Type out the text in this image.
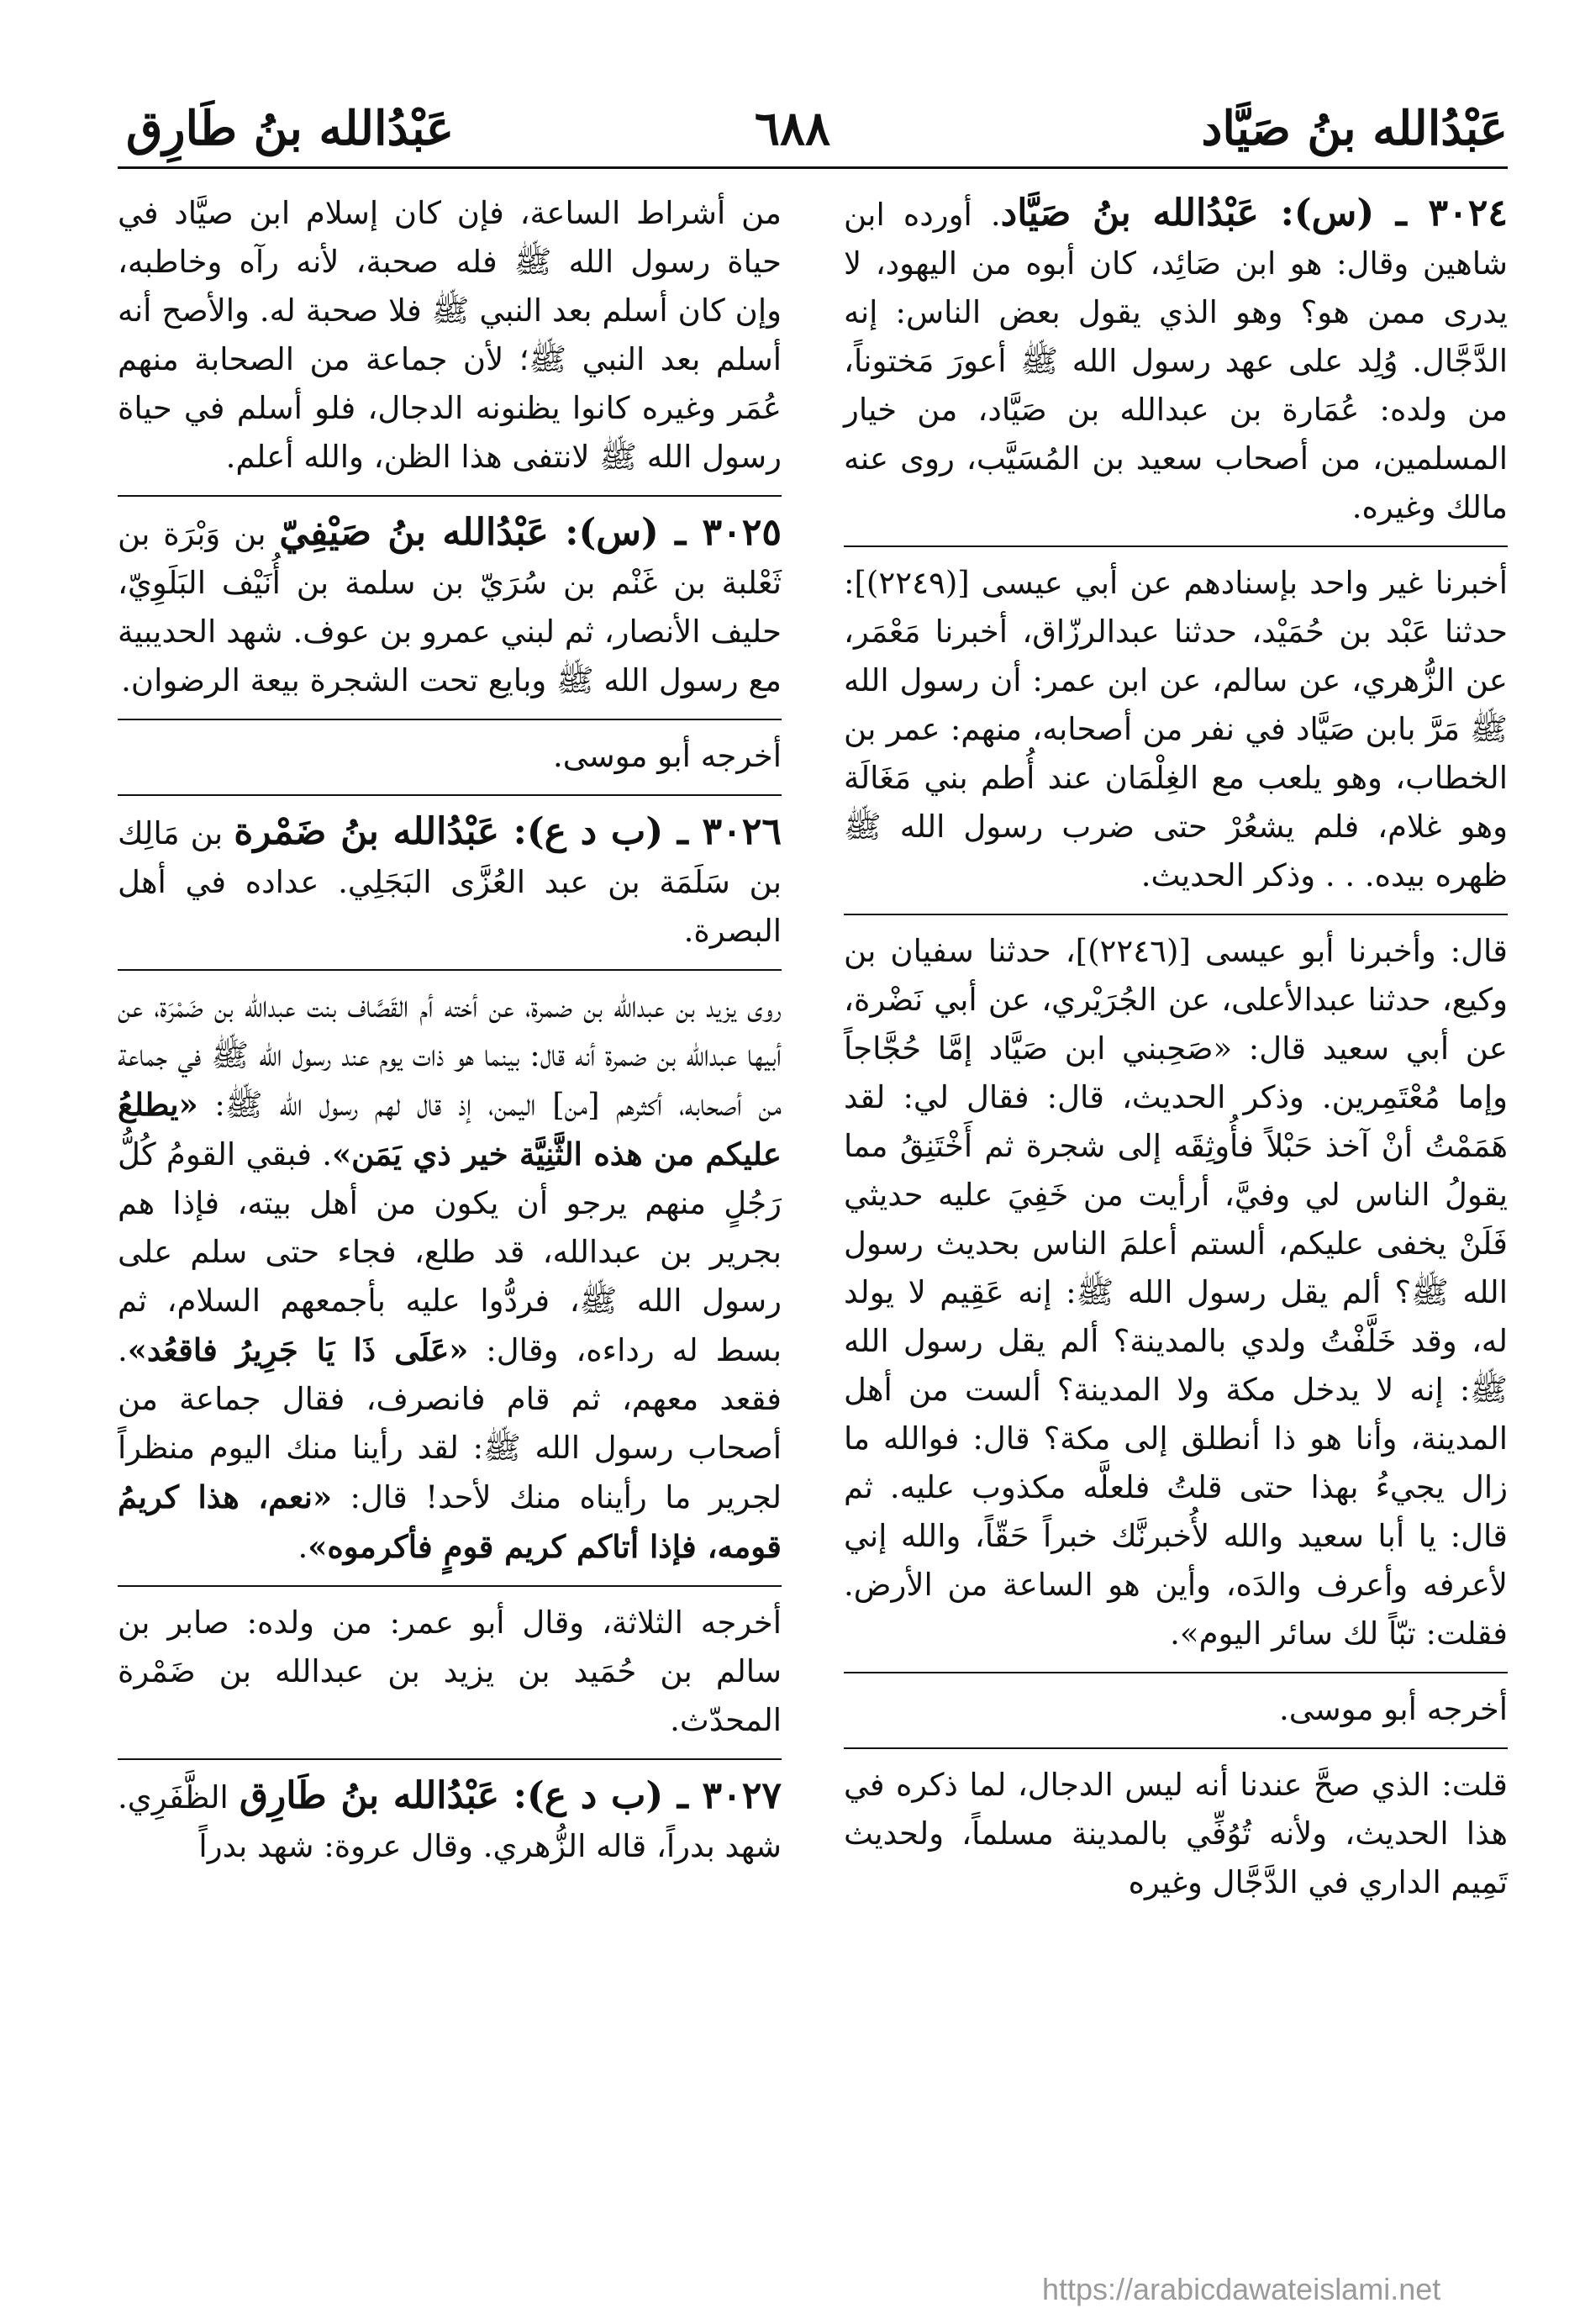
عَبْدُالله بنُ صَيَّاد
٦٨٨
عَبْدُالله بنُ طَارِق

٣٠٢٤ ـ (س): عَبْدُالله بنُ صَيَّاد. أورده ابن شاهين وقال: هو ابن صَائِد، كان أبوه من اليهود، لا يدرى ممن هو؟ وهو الذي يقول بعض الناس: إنه الدَّجَّال. وُلِد على عهد رسول الله ﷺ أعورَ مَختوناً، من ولده: عُمَارة بن عبدالله بن صَيَّاد، من خيار المسلمين، من أصحاب سعيد بن المُسَيَّب، روى عنه مالك وغيره.

أخبرنا غير واحد بإسنادهم عن أبي عيسى [(٢٢٤٩)]: حدثنا عَبْد بن حُمَيْد، حدثنا عبدالرزّاق، أخبرنا مَعْمَر، عن الزُّهري، عن سالم، عن ابن عمر: أن رسول الله ﷺ مَرَّ بابن صَيَّاد في نفر من أصحابه، منهم: عمر بن الخطاب، وهو يلعب مع الغِلْمَان عند أُطم بني مَغَالَة وهو غلام، فلم يشعُرْ حتى ضرب رسول الله ﷺ ظهره بيده. . . وذكر الحديث.

قال: وأخبرنا أبو عيسى [(٢٢٤٦)]، حدثنا سفيان بن وكيع، حدثنا عبدالأعلى، عن الجُرَيْري، عن أبي نَضْرة، عن أبي سعيد قال: «صَحِبني ابن صَيَّاد إمَّا حُجَّاجاً وإما مُعْتَمِرين. وذكر الحديث، قال: فقال لي: لقد هَمَمْتُ أنْ آخذ حَبْلاً فأُوثِقَه إلى شجرة ثم أَخْتَنِقُ مما يقولُ الناس لي وفيَّ، أرأيت من خَفِيَ عليه حديثي فَلَنْ يخفى عليكم، ألستم أعلمَ الناس بحديث رسول الله ﷺ؟ ألم يقل رسول الله ﷺ: إنه عَقِيم لا يولد له، وقد خَلَّفْتُ ولدي بالمدينة؟ ألم يقل رسول الله ﷺ: إنه لا يدخل مكة ولا المدينة؟ ألست من أهل المدينة، وأنا هو ذا أنطلق إلى مكة؟ قال: فوالله ما زال يجيءُ بهذا حتى قلتُ فلعلَّه مكذوب عليه. ثم قال: يا أبا سعيد والله لأُخبرنَّك خبراً حَقّاً، والله إني لأعرفه وأعرف والدَه، وأين هو الساعة من الأرض. فقلت: تبّاً لك سائر اليوم».

أخرجه أبو موسى.

قلت: الذي صحَّ عندنا أنه ليس الدجال، لما ذكره في هذا الحديث، ولأنه تُوُفِّي بالمدينة مسلماً، ولحديث تَمِيم الداري في الدَّجَّال وغيره

من أشراط الساعة، فإن كان إسلام ابن صيَّاد في حياة رسول الله ﷺ فله صحبة، لأنه رآه وخاطبه، وإن كان أسلم بعد النبي ﷺ فلا صحبة له. والأصح أنه أسلم بعد النبي ﷺ؛ لأن جماعة من الصحابة منهم عُمَر وغيره كانوا يظنونه الدجال، فلو أسلم في حياة رسول الله ﷺ لانتفى هذا الظن، والله أعلم.

٣٠٢٥ ـ (س): عَبْدُالله بنُ صَيْفِيّ بن وَبْرَة بن ثَعْلبة بن غَنْم بن سُرَيّ بن سلمة بن أُنَيْف البَلَوِيّ، حليف الأنصار، ثم لبني عمرو بن عوف. شهد الحديبية مع رسول الله ﷺ وبايع تحت الشجرة بيعة الرضوان.

أخرجه أبو موسى.

٣٠٢٦ ـ (ب د ع): عَبْدُالله بنُ ضَمْرة بن مَالِك بن سَلَمَة بن عبد العُزَّى البَجَلِي. عداده في أهل البصرة.

روى يزيد بن عبدالله بن ضمرة، عن أخته أم القَصَّاف بنت عبدالله بن ضَمْرَة، عن أبيها عبدالله بن ضمرة أنه قال: بينما هو ذات يوم عند رسول الله ﷺ في جماعة من أصحابه، أكثرهم [من] اليمن، إذ قال لهم رسول الله ﷺ: «يطلعُ عليكم من هذه الثَّنِيَّة خير ذي يَمَن». فبقي القومُ كُلُّ رَجُلٍ منهم يرجو أن يكون من أهل بيته، فإذا هم بجرير بن عبدالله، قد طلع، فجاء حتى سلم على رسول الله ﷺ، فردُّوا عليه بأجمعهم السلام، ثم بسط له رداءه، وقال: «عَلَى ذَا يَا جَرِيرُ فاقعُد». فقعد معهم، ثم قام فانصرف، فقال جماعة من أصحاب رسول الله ﷺ: لقد رأينا منك اليوم منظراً لجرير ما رأيناه منك لأحد! قال: «نعم، هذا كريمُ قومه، فإذا أتاكم كريم قومٍ فأكرموه».

أخرجه الثلاثة، وقال أبو عمر: من ولده: صابر بن سالم بن حُمَيد بن يزيد بن عبدالله بن ضَمْرة المحدّث.

٣٠٢٧ ـ (ب د ع): عَبْدُالله بنُ طَارِق الظَّفَرِي. شهد بدراً، قاله الزُّهري. وقال عروة: شهد بدراً

https://arabicdawateislami.net
